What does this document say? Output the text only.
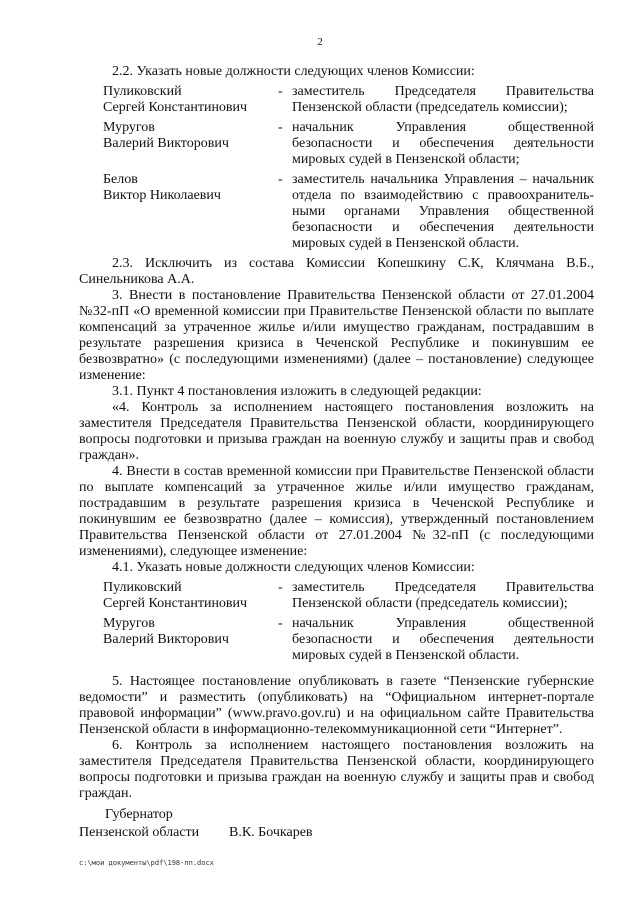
2

2.2. Указать новые должности следующих членов Комиссии:

Пуликовский
Сергей Константинович
- заместитель Председателя Правительства Пензенской области (председатель комиссии);
Муругов
Валерий Викторович
- начальник Управления общественной безопасности и обеспечения деятельности мировых судей в Пензенской области;
Белов
Виктор Николаевич
- заместитель начальника Управления – начальник отдела по взаимодействию с правоохранитель-ными органами Управления общественной безопасности и обеспечения деятельности мировых судей в Пензенской области.

2.3. Исключить из состава Комиссии Копешкину С.К, Клячмана В.Б., Синельникова А.А.

3. Внести в постановление Правительства Пензенской области от 27.01.2004 №32-пП «О временной комиссии при Правительстве Пензенской области по выплате компенсаций за утраченное жилье и/или имущество гражданам, пострадавшим в результате разрешения кризиса в Чеченской Республике и покинувшим ее безвозвратно» (с последующими изменениями) (далее – постановление) следующее изменение:

3.1. Пункт 4 постановления изложить в следующей редакции:

«4. Контроль за исполнением настоящего постановления возложить на заместителя Председателя Правительства Пензенской области, координирующего вопросы подготовки и призыва граждан на военную службу и защиты прав и свобод граждан».

4. Внести в состав временной комиссии при Правительстве Пензенской области по выплате компенсаций за утраченное жилье и/или имущество гражданам, пострадавшим в результате разрешения кризиса в Чеченской Республике и покинувшим ее безвозвратно (далее – комиссия), утвержденный постановлением Правительства Пензенской области от 27.01.2004 №32-пП (с последующими изменениями), следующее изменение:

4.1. Указать новые должности следующих членов Комиссии:

Пуликовский
Сергей Константинович
- заместитель Председателя Правительства Пензенской области (председатель комиссии);
Муругов
Валерий Викторович
- начальник Управления общественной безопасности и обеспечения деятельности мировых судей в Пензенской области.

5. Настоящее постановление опубликовать в газете “Пензенские губернские ведомости” и разместить (опубликовать) на “Официальном интернет-портале правовой информации” (www.pravo.gov.ru) и на официальном сайте Правительства Пензенской области в информационно-телекоммуникационной сети “Интернет”.

6. Контроль за исполнением настоящего постановления возложить на заместителя Председателя Правительства Пензенской области, координирующего вопросы подготовки и призыва граждан на военную службу и защиты прав и свобод граждан.

Губернатор
Пензенской области	В.К. Бочкарев
c:\мои документы\pdf\198-пп.docx
